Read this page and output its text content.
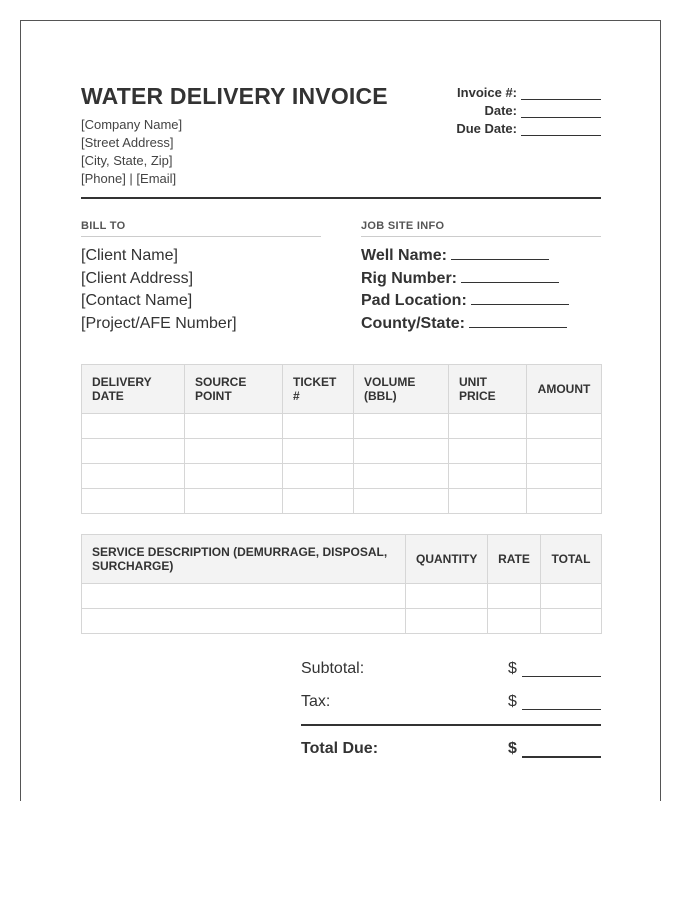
WATER DELIVERY INVOICE
[Company Name]
[Street Address]
[City, State, Zip]
[Phone] | [Email]
Invoice #:
Date:
Due Date:
BILL TO	JOB SITE INFO
[Client Name]
[Client Address]
[Contact Name]
[Project/AFE Number]
Well Name:
Rig Number:
Pad Location:
County/State:
DELIVERY DATE	SOURCE POINT	TICKET #	VOLUME (BBL)	UNIT PRICE	AMOUNT

SERVICE DESCRIPTION (DEMURRAGE, DISPOSAL, SURCHARGE)	QUANTITY	RATE	TOTAL

Subtotal:	$
Tax:	$
Total Due:	$
